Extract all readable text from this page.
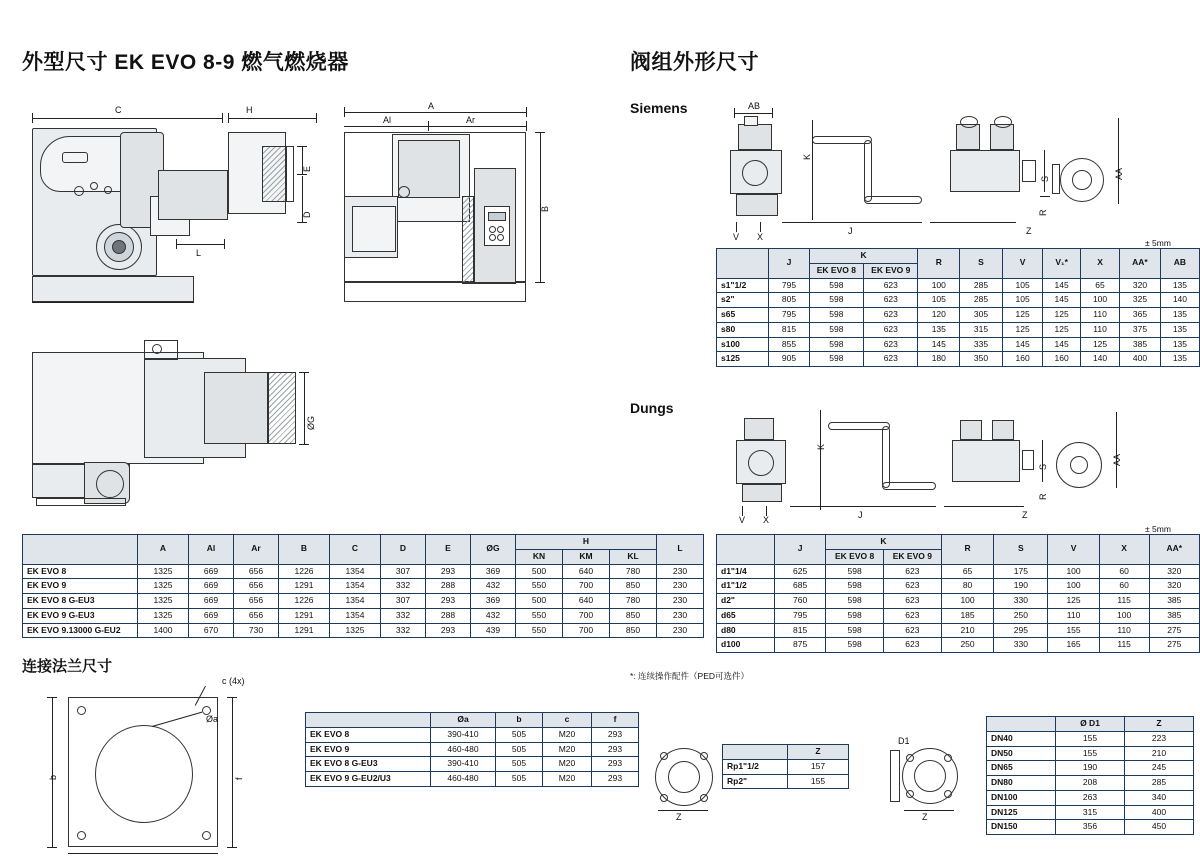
外型尺寸 EK EVO 8-9 燃气燃烧器	阀组外形尺寸
C	H
E
D
L
A
Al	Ar
B
ØG
	A	Al	Ar	B	C	D	E	ØG	H			L
									KN	KM	KL	
EK EVO 8	1325	669	656	1226	1354	307	293	369	500	640	780	230
EK EVO 9	1325	669	656	1291	1354	332	288	432	550	700	850	230
EK EVO 8 G-EU3	1325	669	656	1226	1354	307	293	369	500	640	780	230
EK EVO 9 G-EU3	1325	669	656	1291	1354	332	288	432	550	700	850	230
EK EVO 9.13000 G-EU2	1400	670	730	1291	1325	332	293	439	550	700	850	230
连接法兰尺寸
c (4x)
Øa
b	f
	Øa	b	c	f
EK EVO 8	390-410	505	M20	293
EK EVO 9	460-480	505	M20	293
EK EVO 8 G-EU3	390-410	505	M20	293
EK EVO 9 G-EU2/U3	460-480	505	M20	293
Siemens	AB
V X
K
S
R
AA
J	Z
± 5mm
	J	K		R	S	V	V₁*	X	AA*	AB
		EK EVO 8	EK EVO 9							
s1"1/2	795	598	623	100	285	105	145	65	320	135
s2"	805	598	623	105	285	105	145	100	325	140
s65	795	598	623	120	305	125	125	110	365	135
s80	815	598	623	135	315	125	125	110	375	135
s100	855	598	623	145	335	145	145	125	385	135
s125	905	598	623	180	350	160	160	140	400	135
Dungs
V X
K
S
R
AA
J	Z
± 5mm
	J	K		R	S	V	X	AA*
		EK EVO 8	EK EVO 9					
d1"1/4	625	598	623	65	175	100	60	320
d1"1/2	685	598	623	80	190	100	60	320
d2"	760	598	623	100	330	125	115	385
d65	795	598	623	185	250	110	100	385
d80	815	598	623	210	295	155	110	275
d100	875	598	623	250	330	165	115	275
*: 连续操作配件（PED可选件）
Z
	Z
Rp1"1/2	157
Rp2"	155
D1
Z
	Ø D1	Z
DN40	155	223
DN50	155	210
DN65	190	245
DN80	208	285
DN100	263	340
DN125	315	400
DN150	356	450
